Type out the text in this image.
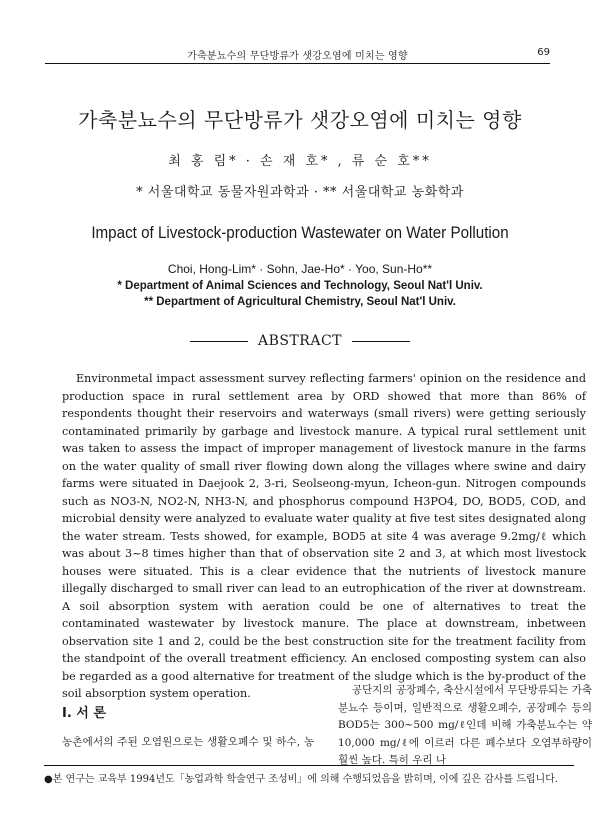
가축분뇨수의 무단방류가 샛강오염에 미치는 영향	69
가축분뇨수의 무단방류가 샛강오염에 미치는 영향
최 홍 림* · 손 재 호* , 류 순 호**
* 서울대학교 동물자원과학과 · ** 서울대학교 농화학과
Impact of Livestock-production Wastewater on Water Pollution
Choi, Hong-Lim* · Sohn, Jae-Ho* · Yoo, Sun-Ho**
* Department of Animal Sciences and Technology, Seoul Nat'l Univ.
** Department of Agricultural Chemistry, Seoul Nat'l Univ.
ABSTRACT

Environmetal impact assessment survey reflecting farmers' opinion on the residence and production space in rural settlement area by ORD showed that more than 86% of respondents thought their reservoirs and waterways (small rivers) were getting seriously contaminated primarily by garbage and livestock manure. A typical rural settlement unit was taken to assess the impact of improper management of livestock manure in the farms on the water quality of small river flowing down along the villages where swine and dairy farms were situated in Daejook 2, 3-ri, Seolseong-myun, Icheon-gun. Nitrogen compounds such as NO3-N, NO2-N, NH3-N, and phosphorus compound H3PO4, DO, BOD5, COD, and microbial density were analyzed to evaluate water quality at five test sites designated along the water stream. Tests showed, for example, BOD5 at site 4 was average 9.2mg/ℓ which was about 3~8 times higher than that of observation site 2 and 3, at which most livestock houses were situated. This is a clear evidence that the nutrients of livestock manure illegally discharged to small river can lead to an eutrophication of the river at downstream. A soil absorption system with aeration could be one of alternatives to treat the contaminated wastewater by livestock manure. The place at downstream, inbetween observation site 1 and 2, could be the best construction site for the treatment facility from the standpoint of the overall treatment efficiency. An enclosed composting system can also be regarded as a good alternative for treatment of the sludge which is the by-product of the soil absorption system operation.

I. 서 론
농촌에서의 주된 오염원으로는 생활오폐수 및 하수, 농

공단지의 공장폐수, 축산시설에서 무단방류되는 가축분뇨수 등이며, 일반적으로 생활오폐수, 공장폐수 등의 BOD5는 300~500 mg/ℓ인데 비해 가축분뇨수는 약 10,000 mg/ℓ에 이르러 다른 폐수보다 오염부하량이 훨씬 높다. 특히 우리 나

●본 연구는 교육부 1994년도「농업과학 학술연구 조성비」에 의해 수행되었음을 밝히며, 이에 깊은 감사를 드립니다.
